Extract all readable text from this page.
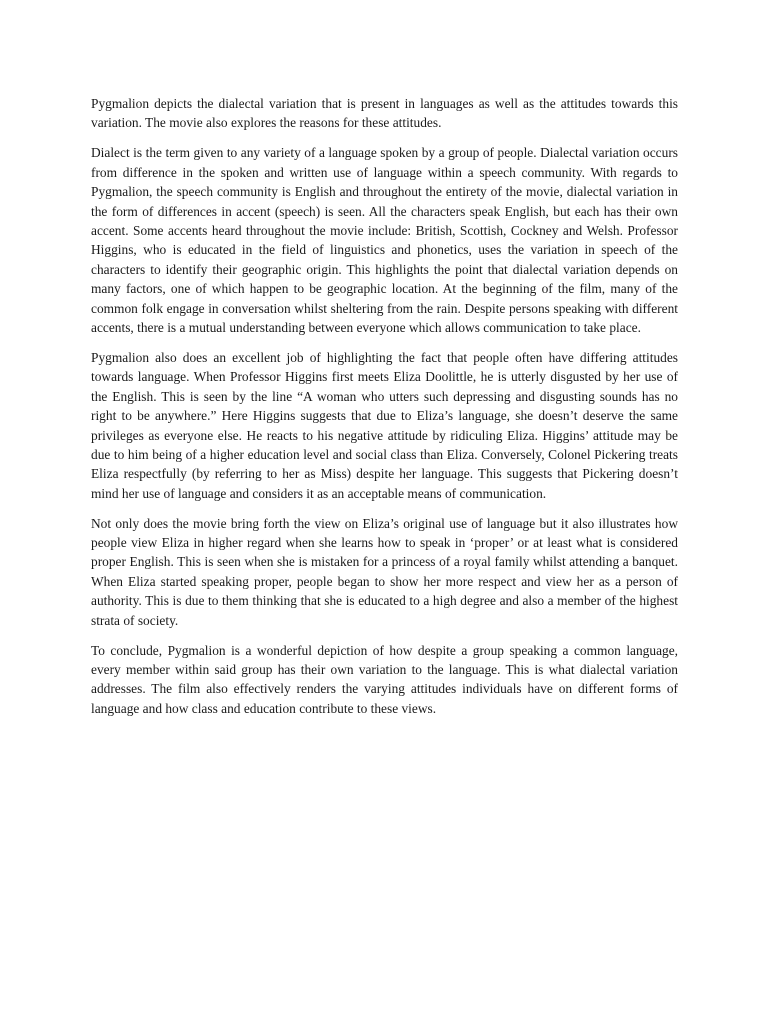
Pygmalion depicts the dialectal variation that is present in languages as well as the attitudes towards this variation. The movie also explores the reasons for these attitudes.

Dialect is the term given to any variety of a language spoken by a group of people. Dialectal variation occurs from difference in the spoken and written use of language within a speech community. With regards to Pygmalion, the speech community is English and throughout the entirety of the movie, dialectal variation in the form of differences in accent (speech) is seen. All the characters speak English, but each has their own accent. Some accents heard throughout the movie include: British, Scottish, Cockney and Welsh. Professor Higgins, who is educated in the field of linguistics and phonetics, uses the variation in speech of the characters to identify their geographic origin. This highlights the point that dialectal variation depends on many factors, one of which happen to be geographic location. At the beginning of the film, many of the common folk engage in conversation whilst sheltering from the rain. Despite persons speaking with different accents, there is a mutual understanding between everyone which allows communication to take place.

Pygmalion also does an excellent job of highlighting the fact that people often have differing attitudes towards language. When Professor Higgins first meets Eliza Doolittle, he is utterly disgusted by her use of the English. This is seen by the line “A woman who utters such depressing and disgusting sounds has no right to be anywhere.” Here Higgins suggests that due to Eliza’s language, she doesn’t deserve the same privileges as everyone else. He reacts to his negative attitude by ridiculing Eliza. Higgins’ attitude may be due to him being of a higher education level and social class than Eliza. Conversely, Colonel Pickering treats Eliza respectfully (by referring to her as Miss) despite her language. This suggests that Pickering doesn’t mind her use of language and considers it as an acceptable means of communication.

Not only does the movie bring forth the view on Eliza’s original use of language but it also illustrates how people view Eliza in higher regard when she learns how to speak in ‘proper’ or at least what is considered proper English. This is seen when she is mistaken for a princess of a royal family whilst attending a banquet. When Eliza started speaking proper, people began to show her more respect and view her as a person of authority. This is due to them thinking that she is educated to a high degree and also a member of the highest strata of society.

To conclude, Pygmalion is a wonderful depiction of how despite a group speaking a common language, every member within said group has their own variation to the language. This is what dialectal variation addresses. The film also effectively renders the varying attitudes individuals have on different forms of language and how class and education contribute to these views.
